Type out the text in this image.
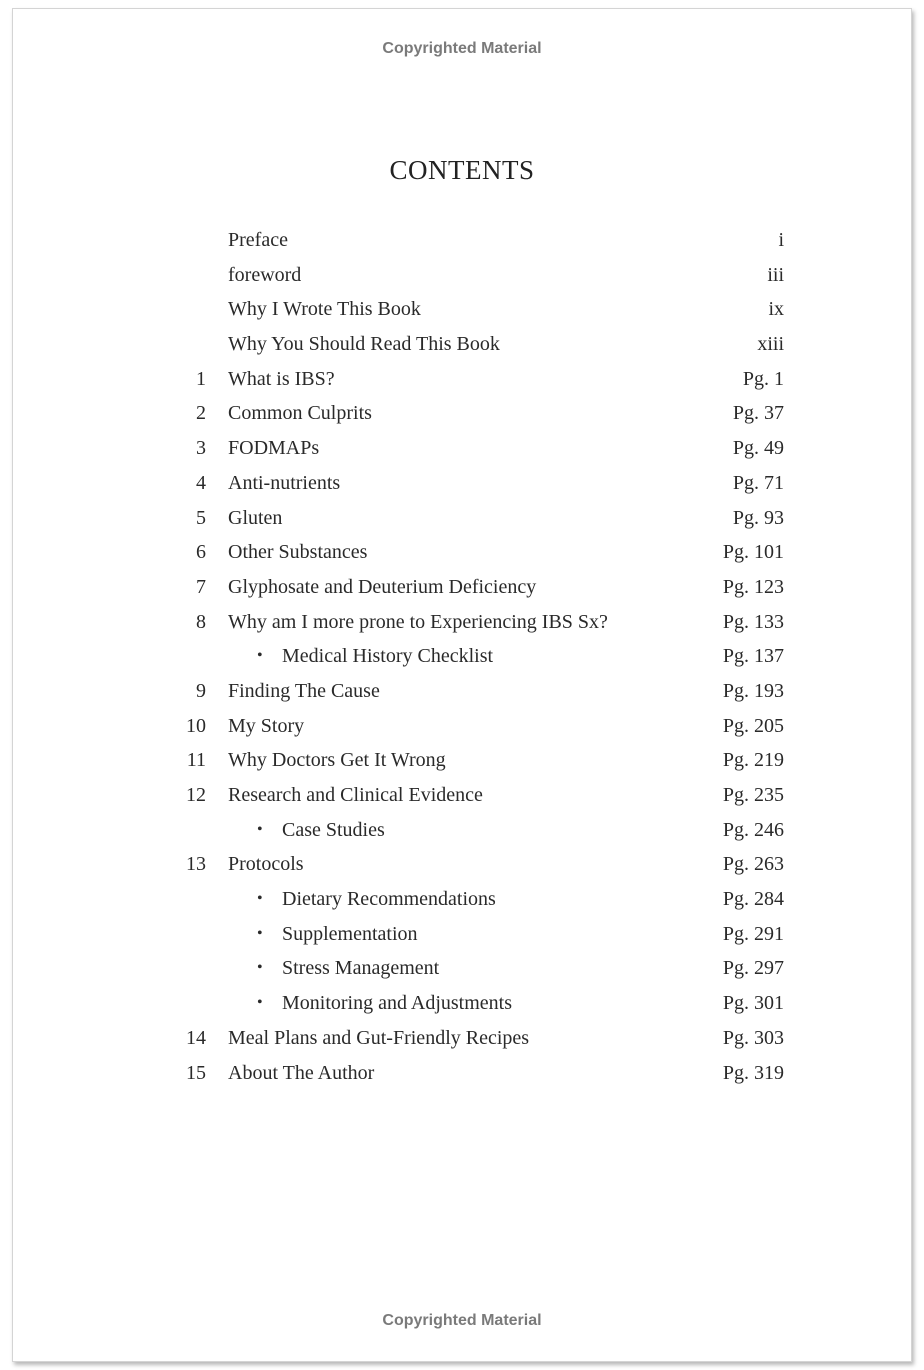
Copyrighted Material
CONTENTS
Preface	i
foreword	iii
Why I Wrote This Book	ix
Why You Should Read This Book	xiii
1 What is IBS?	Pg. 1
2 Common Culprits	Pg. 37
3 FODMAPs	Pg. 49
4 Anti-nutrients	Pg. 71
5 Gluten	Pg. 93
6 Other Substances	Pg. 101
7 Glyphosate and Deuterium Deficiency	Pg. 123
8 Why am I more prone to Experiencing IBS Sx?	Pg. 133
• Medical History Checklist	Pg. 137
9 Finding The Cause	Pg. 193
10 My Story	Pg. 205
11 Why Doctors Get It Wrong	Pg. 219
12 Research and Clinical Evidence	Pg. 235
• Case Studies	Pg. 246
13 Protocols	Pg. 263
• Dietary Recommendations	Pg. 284
• Supplementation	Pg. 291
• Stress Management	Pg. 297
• Monitoring and Adjustments	Pg. 301
14 Meal Plans and Gut-Friendly Recipes	Pg. 303
15 About The Author	Pg. 319
Copyrighted Material
